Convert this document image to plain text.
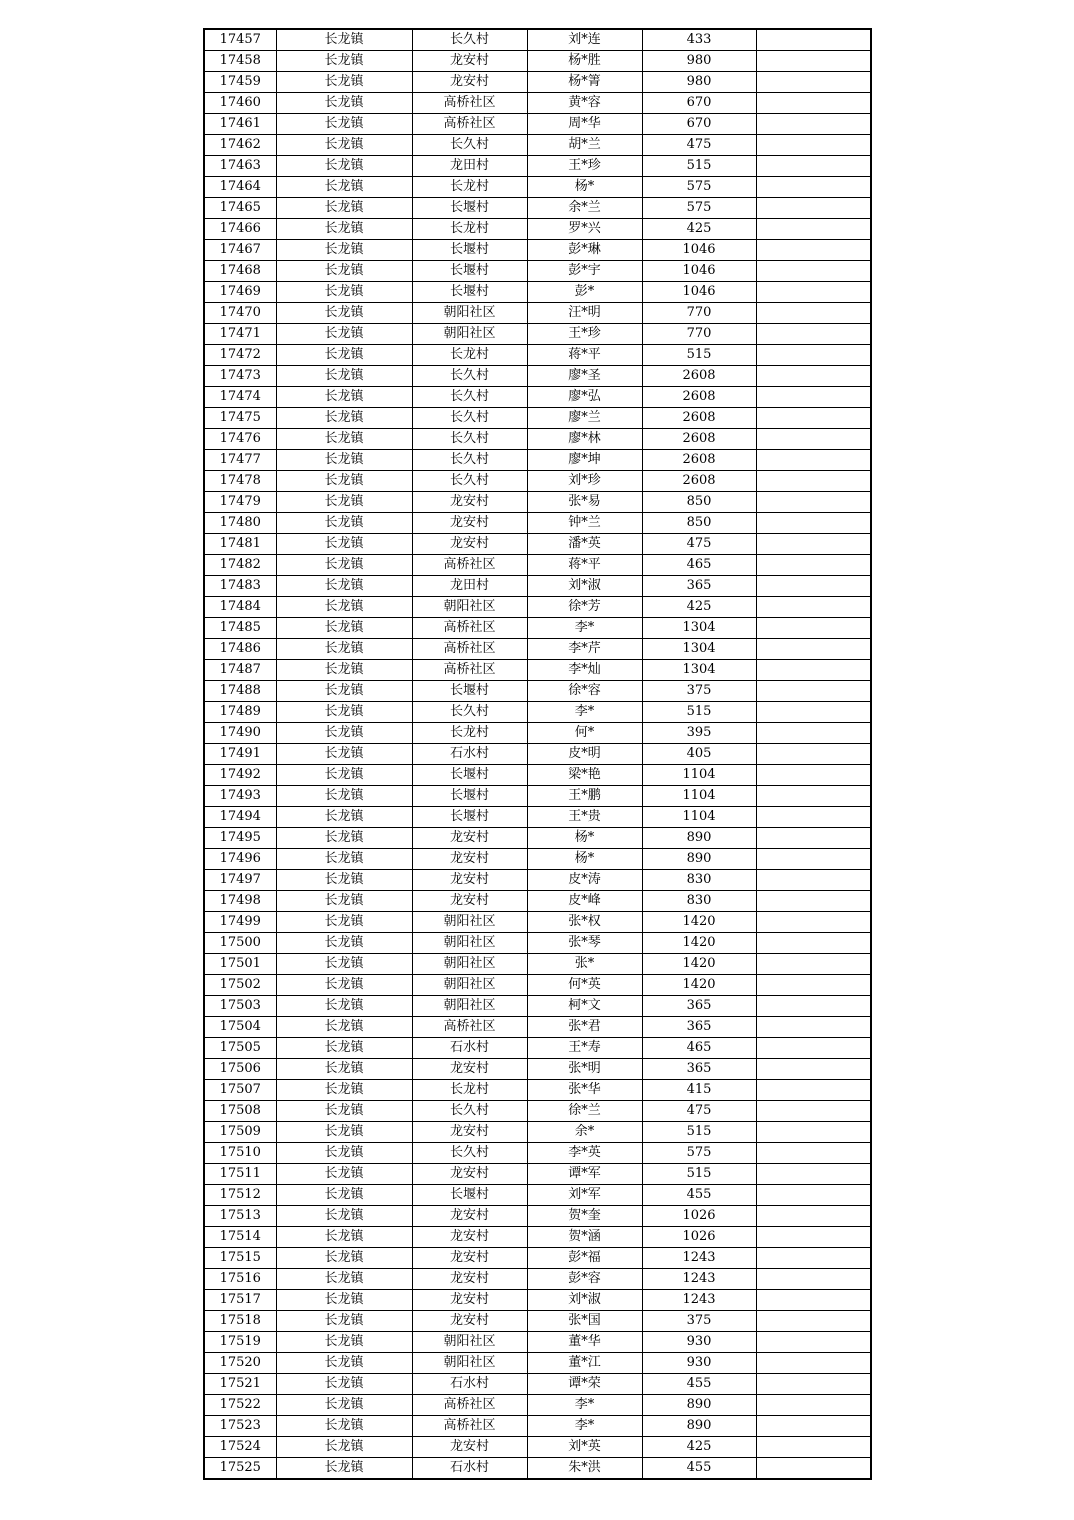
17457	长龙镇	长久村	刘*连	433	
17458	长龙镇	龙安村	杨*胜	980	
17459	长龙镇	龙安村	杨*箐	980	
17460	长龙镇	高桥社区	黄*容	670	
17461	长龙镇	高桥社区	周*华	670	
17462	长龙镇	长久村	胡*兰	475	
17463	长龙镇	龙田村	王*珍	515	
17464	长龙镇	长龙村	杨*	575	
17465	长龙镇	长堰村	余*兰	575	
17466	长龙镇	长龙村	罗*兴	425	
17467	长龙镇	长堰村	彭*琳	1046	
17468	长龙镇	长堰村	彭*宇	1046	
17469	长龙镇	长堰村	彭*	1046	
17470	长龙镇	朝阳社区	汪*明	770	
17471	长龙镇	朝阳社区	王*珍	770	
17472	长龙镇	长龙村	蒋*平	515	
17473	长龙镇	长久村	廖*圣	2608	
17474	长龙镇	长久村	廖*弘	2608	
17475	长龙镇	长久村	廖*兰	2608	
17476	长龙镇	长久村	廖*林	2608	
17477	长龙镇	长久村	廖*坤	2608	
17478	长龙镇	长久村	刘*珍	2608	
17479	长龙镇	龙安村	张*易	850	
17480	长龙镇	龙安村	钟*兰	850	
17481	长龙镇	龙安村	潘*英	475	
17482	长龙镇	高桥社区	蒋*平	465	
17483	长龙镇	龙田村	刘*淑	365	
17484	长龙镇	朝阳社区	徐*芳	425	
17485	长龙镇	高桥社区	李*	1304	
17486	长龙镇	高桥社区	李*芹	1304	
17487	长龙镇	高桥社区	李*灿	1304	
17488	长龙镇	长堰村	徐*容	375	
17489	长龙镇	长久村	李*	515	
17490	长龙镇	长龙村	何*	395	
17491	长龙镇	石水村	皮*明	405	
17492	长龙镇	长堰村	梁*艳	1104	
17493	长龙镇	长堰村	王*鹏	1104	
17494	长龙镇	长堰村	王*贵	1104	
17495	长龙镇	龙安村	杨*	890	
17496	长龙镇	龙安村	杨*	890	
17497	长龙镇	龙安村	皮*涛	830	
17498	长龙镇	龙安村	皮*峰	830	
17499	长龙镇	朝阳社区	张*权	1420	
17500	长龙镇	朝阳社区	张*琴	1420	
17501	长龙镇	朝阳社区	张*	1420	
17502	长龙镇	朝阳社区	何*英	1420	
17503	长龙镇	朝阳社区	柯*文	365	
17504	长龙镇	高桥社区	张*君	365	
17505	长龙镇	石水村	王*寿	465	
17506	长龙镇	龙安村	张*明	365	
17507	长龙镇	长龙村	张*华	415	
17508	长龙镇	长久村	徐*兰	475	
17509	长龙镇	龙安村	余*	515	
17510	长龙镇	长久村	李*英	575	
17511	长龙镇	龙安村	谭*军	515	
17512	长龙镇	长堰村	刘*军	455	
17513	长龙镇	龙安村	贺*奎	1026	
17514	长龙镇	龙安村	贺*涵	1026	
17515	长龙镇	龙安村	彭*福	1243	
17516	长龙镇	龙安村	彭*容	1243	
17517	长龙镇	龙安村	刘*淑	1243	
17518	长龙镇	龙安村	张*国	375	
17519	长龙镇	朝阳社区	董*华	930	
17520	长龙镇	朝阳社区	董*江	930	
17521	长龙镇	石水村	谭*荣	455	
17522	长龙镇	高桥社区	李*	890	
17523	长龙镇	高桥社区	李*	890	
17524	长龙镇	龙安村	刘*英	425	
17525	长龙镇	石水村	朱*洪	455	
